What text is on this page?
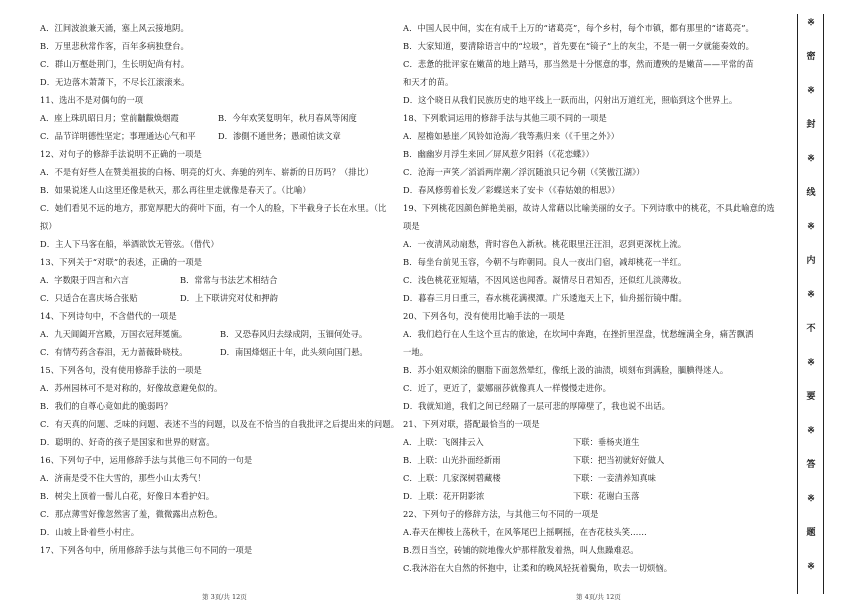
A．江间波浪兼天涌，塞上风云接地阴。
B．万里悲秋常作客，百年多病独登台。
C．群山万壑赴荆门，生长明妃尚有村。
D．无边落木萧萧下，不尽长江滚滚来。
11、选出不是对偶句的一项
A．座上珠玑昭日月；堂前黼黻焕烟霞	B．今年欢笑复明年，秋月春风等闲度
C．品节详明德性坚定；事理通达心气和平	D．渗側不通世务；愚顽怕读文章
12、对句子的修辞手法说明不正确的一项是
A．不是有好些人在赞美祖拔的白杨、明亮的灯火、奔驰的列车、崭新的日历吗？（排比）
B．如果说迷人山这里还像是秋天，那么再往里走就像是春天了。（比喻）
C．她们看见不远的地方，那宽厚肥大的荷叶下面，有一个人的脸，下半截身子长在水里。（比
拟）
D．主人下马客在船，举酒欲饮无管弦。（借代）
13、下列关于“对联”的表述，正确的一项是
A．字数限于四言和六言	B．常常与书法艺术相结合
C．只适合在喜庆场合张贴	D．上下联讲究对仗和押韵
14、下列诗句中，不含借代的一项是
A．九天阊阖开宫殿，万国衣冠拜冕旒。	B．又恐春风归去绿成阴，玉钿何处寻。
C．有情芍药含春泪，无力蔷薇卧晓枝。	D．南国烽烟正十年，此头须向国门悬。
15、下列各句，没有使用修辞手法的一项是
A．苏州园林可不是对称的，好像故意避免似的。
B．我们的自尊心竟如此的脆弱吗？
C．有天真的问题、乏味的问题、表述不当的问题，以及在不恰当的自我批评之后提出来的问题。
D．聪明的、好奇的孩子是国家和世界的财富。
16、下列句子中，运用修辞手法与其他三句不同的一句是
A．济南是受不住大雪的，那些小山太秀气！
B．树尖上顶着一髻儿白花，好像日本看护妇。
C．那点薄雪好像忽然害了羞，微微露出点粉色。
D．山坡上卧着些小村庄。
17、下列各句中，所用修辞手法与其他三句不同的一项是
A．中国人民中间，实在有成千上万的“诸葛亮”，每个乡村，每个市镇，都有那里的“诸葛亮”。
B．大家知道，要清除语言中的“垃圾”，首先要在“镜子”上的灰尘，不是一朝一夕就能奏效的。
C．悲惫的批评家在嫩苗的地上踏马，那当然是十分惬意的事，然而遭殃的是嫩苗——平常的苗
和天才的苗。
D．这个晓日从我们民族历史的地平线上一跃而出，闪射出万道红光，照临到这个世界上。
18、下列歌词运用的修辞手法与其他三项不同的一项是
A．屋檐如悬崖／风铃如沧海／我等燕归来（《千里之外》）
B．幽幽岁月浮生来回／屏风惹夕阳斜（《花恋蝶》）
C．沧海一声笑／滔滔两岸潮／浮沉随浪只记今朝（《笑傲江湖》）
D．春风修剪着长发／彩蝶送来了安卡（《春姑娘的相思》）
19、下列桃花因颜色鲜艳美丽，故诗人常藉以比喻美丽的女子。下列诗歌中的桃花，不具此喻意的选
项是
A．一夜清风动扇愁，背时容色入新秋。桃花眼里汪汪泪，忍到更深枕上流。
B．每坐台前见玉容，今朝不与昨朝同。良人一夜出门宿，减却桃花一半红。
C．浅色桃花亚短墙，不因风送也闻香。凝情尽日君知否，还似红儿淡薄妆。
D．暮春三月日重三，春水桃花满禊潭。广乐逶迤天上下，仙舟摇衍镜中酣。
20、下列各句，没有使用比喻手法的一项是
A．我们趋行在人生这个亘古的旅途，在坎坷中奔跑，在挫折里涅盘，忧愁缠满全身，痛苦飘洒
一地。
B．苏小姐双颊涂的胭脂下面忽然晕红，像纸上汲的油渍，顷刻布到满脸，腼腆得迷人。
C．近了，更近了，蒙娜丽莎就像真人一样慢慢走进你。
D．我就知道，我们之间已经隔了一层可悲的厚障壁了，我也说不出话。
21、下列对联，搭配最恰当的一项是
A．上联：飞阁排云入	下联：垂杨夹道生
B．上联：山光扑面经新雨	下联：把当初就好好做人
C．上联：几家深树碧藏楼	下联：一妾清养知真味
D．上联：花开阴影浓	下联：花谢白玉落
22、下列句子的修辞方法，与其他三句不同的一项是
A.春天在柳枝上荡秋千，在风筝尾巴上摇啊摇，在杏花枝头笑……
B.烈日当空，砖铺的院地像火炉那样散发着热，叫人焦躁难忍。
C.我沐浴在大自然的怀抱中，让柔和的晚风轻抚着鬓角，吹去一切烦恼。
第 3页/共 12页	第 4页/共 12页
※
密
※
封
※
线
※
内
※
不
※
要
※
答
※
题
※
